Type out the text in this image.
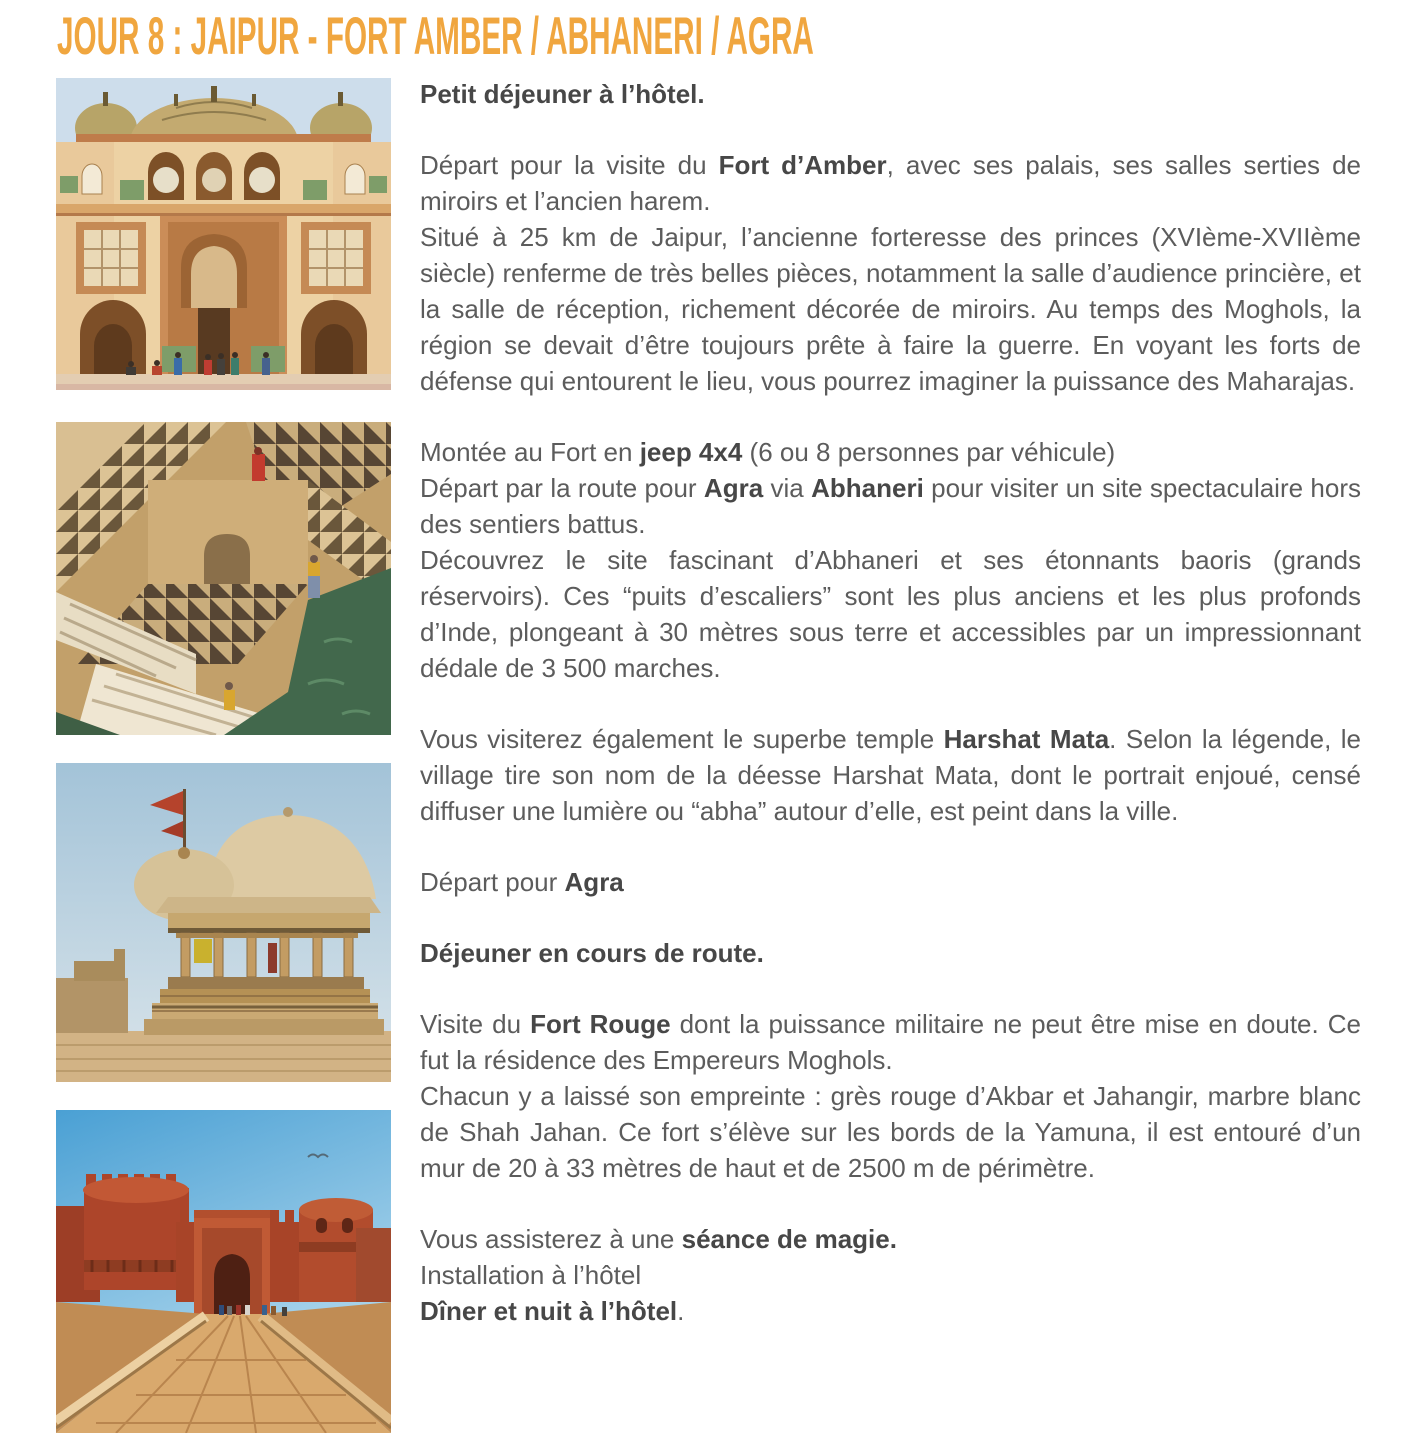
JOUR 8 : JAIPUR - FORT AMBER / ABHANERI / AGRA

Petit déjeuner à l’hôtel.

Départ pour la visite du Fort d’Amber, avec ses palais, ses salles serties de miroirs et l’ancien harem.

Situé à 25 km de Jaipur, l’ancienne forteresse des princes (XVIème-XVIIème siècle) renferme de très belles pièces, notamment la salle d’audience princière, et la salle de réception, richement décorée de miroirs. Au temps des Moghols, la région se devait d’être toujours prête à faire la guerre. En voyant les forts de défense qui entourent le lieu, vous pourrez imaginer la puissance des Maharajas.

Montée au Fort en jeep 4x4 (6 ou 8 personnes par véhicule)

Départ par la route pour Agra via Abhaneri pour visiter un site spectaculaire hors des sentiers battus.

Découvrez le site fascinant d’Abhaneri et ses étonnants baoris (grands réservoirs). Ces “puits d’escaliers” sont les plus anciens et les plus profonds d’Inde, plongeant à 30 mètres sous terre et accessibles par un impressionnant dédale de 3 500 marches.

Vous visiterez également le superbe temple Harshat Mata. Selon la légende, le village tire son nom de la déesse Harshat Mata, dont le portrait enjoué, censé diffuser une lumière ou “abha” autour d’elle, est peint dans la ville.

Départ pour Agra

Déjeuner en cours de route.

Visite du Fort Rouge dont la puissance militaire ne peut être mise en doute. Ce fut la résidence des Empereurs Moghols.

Chacun y a laissé son empreinte : grès rouge d’Akbar et Jahangir, marbre blanc de Shah Jahan. Ce fort s’élève sur les bords de la Yamuna, il est entouré d’un mur de 20 à 33 mètres de haut et de 2500 m de périmètre.

Vous assisterez à une séance de magie.

Installation à l’hôtel

Dîner et nuit à l’hôtel.
